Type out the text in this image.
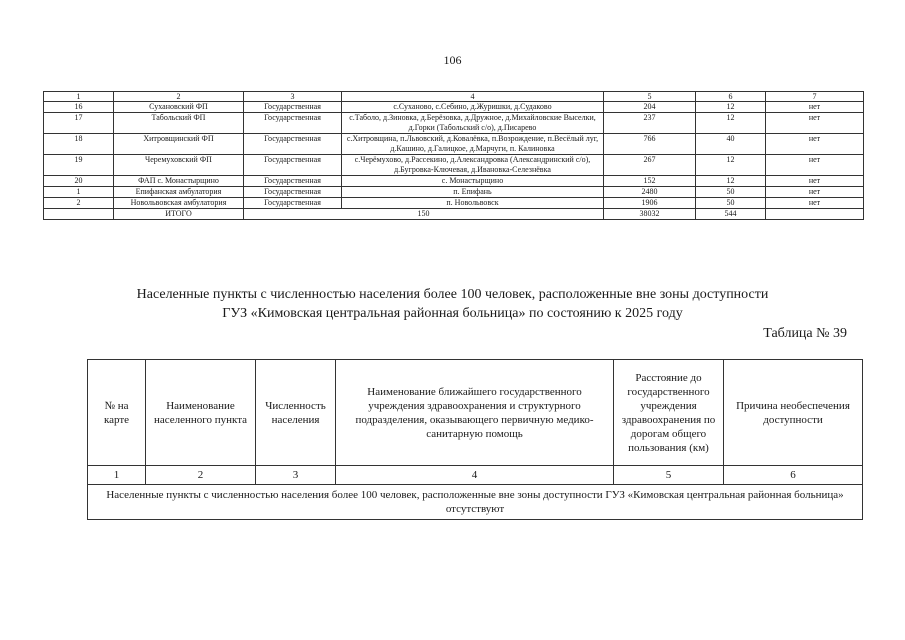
106
1	2	3	4	5	6	7
16	Сухановский ФП	Государственная	с.Суханово, с.Себино, д.Журишки, д.Судаково	204	12	нет
17	Табольский ФП	Государственная	с.Таболо, д.Зиновка, д.Берёзовка, д.Дружное, д.Михайловские Выселки, д.Горки (Табольский с/о), д.Писарево	237	12	нет
18	Хитровщинский ФП	Государственная	с.Хитровщина, п.Львовский, д.Ковалёвка, п.Возрождение, п.Весёлый луг, д.Кашино, д.Галицкое, д.Марчуги, п. Калиновка	766	40	нет
19	Черемуховский ФП	Государственная	с.Черёмухово, д.Рассекино, д.Александровка (Александринский с/о), д.Бугровка-Ключевая, д.Ивановка-Селезнёвка	267	12	нет
20	ФАП с. Монастырщино	Государственная	с. Монастырщино	152	12	нет
1	Епифанская амбулатория	Государственная	п. Епифань	2480	50	нет
2	Новольвовская амбулатория	Государственная	п. Новольвовск	1906	50	нет
	ИТОГО	150		38032	544	
Населенные пункты с численностью населения более 100 человек, расположенные вне зоны доступности
ГУЗ «Кимовская центральная районная больница» по состоянию к 2025 году
Таблица № 39
№ на карте	Наименование населенного пункта	Численность населения	Наименование ближайшего государственного учреждения здравоохранения и структурного подразделения, оказывающего первичную медико-санитарную помощь	Расстояние до государственного учреждения здравоохранения по дорогам общего пользования (км)	Причина необеспечения доступности
1	2	3	4	5	6
Населенные пункты с численностью населения более 100 человек, расположенные вне зоны доступности ГУЗ «Кимовская центральная районная больница» отсутствуют					
